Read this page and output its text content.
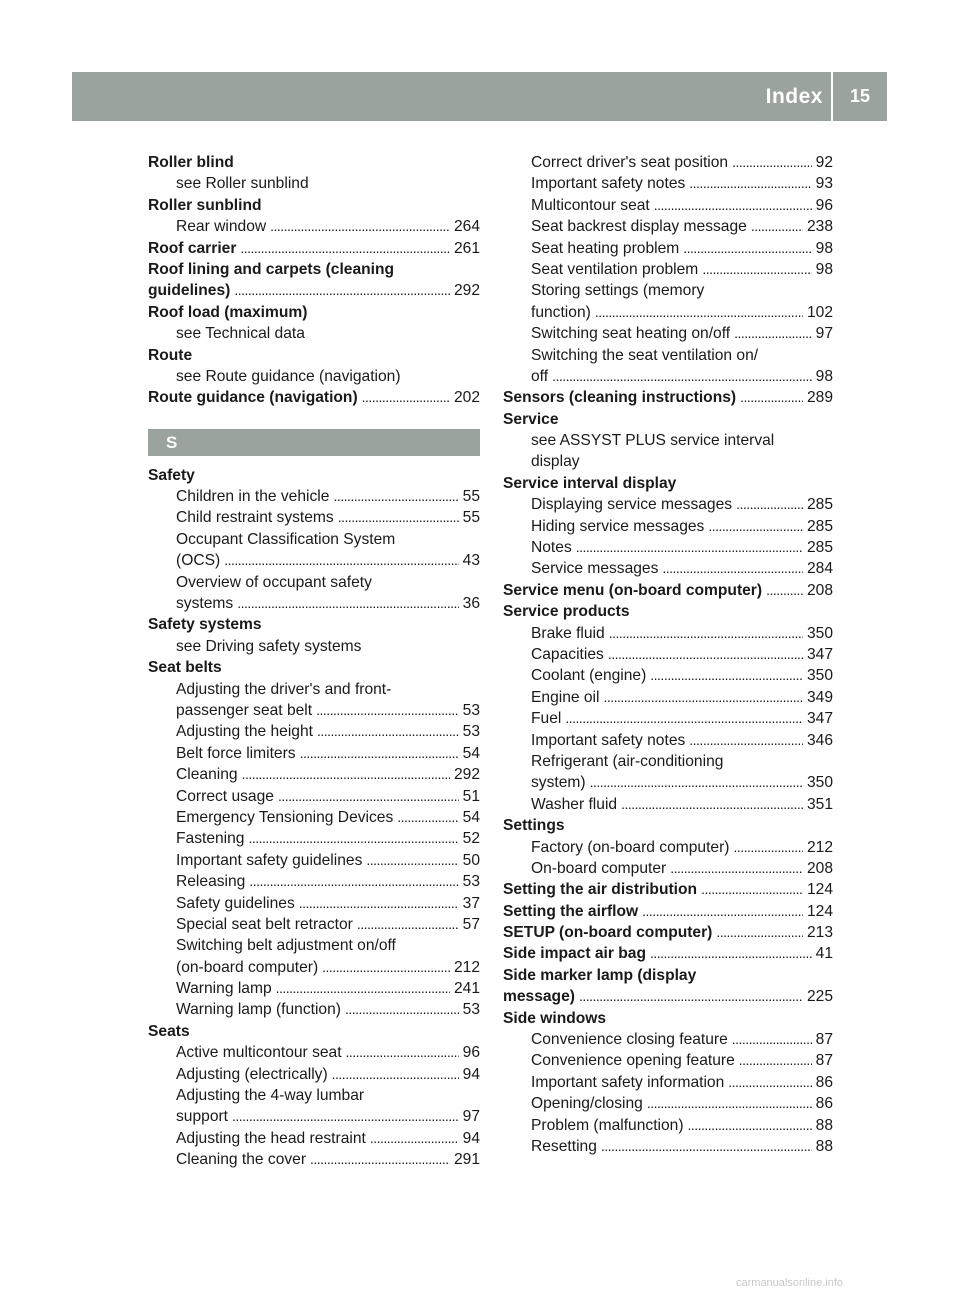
Index	15
Roller blind
see Roller sunblind
Roller sunblind
Rear window . . .	264
Roof carrier . . .	261
Roof lining and carpets (cleaning
guidelines) . . .	292
Roof load (maximum)
see Technical data
Route
see Route guidance (navigation)
Route guidance (navigation) . . .	202
S
Safety
Children in the vehicle . . .	55
Child restraint systems . . .	55
Occupant Classification System
(OCS) . . .	43
Overview of occupant safety
systems . . .	36
Safety systems
see Driving safety systems
Seat belts
Adjusting the driver's and front-
passenger seat belt . . .	53
Adjusting the height . . .	53
Belt force limiters . . .	54
Cleaning . . .	292
Correct usage . . .	51
Emergency Tensioning Devices . . .	54
Fastening . . .	52
Important safety guidelines . . .	50
Releasing . . .	53
Safety guidelines . . .	37
Special seat belt retractor . . .	57
Switching belt adjustment on/off
(on-board computer) . . .	212
Warning lamp . . .	241
Warning lamp (function) . . .	53
Seats
Active multicontour seat . . .	96
Adjusting (electrically) . . .	94
Adjusting the 4-way lumbar
support . . .	97
Adjusting the head restraint . . .	94
Cleaning the cover . . .	291
Correct driver's seat position . . .	92
Important safety notes . . .	93
Multicontour seat . . .	96
Seat backrest display message . . .	238
Seat heating problem . . .	98
Seat ventilation problem . . .	98
Storing settings (memory
function) . . .	102
Switching seat heating on/off . . .	97
Switching the seat ventilation on/
off . . .	98
Sensors (cleaning instructions) . . .	289
Service
see ASSYST PLUS service interval
display
Service interval display
Displaying service messages . . .	285
Hiding service messages . . .	285
Notes . . .	285
Service messages . . .	284
Service menu (on-board computer) . . .	208
Service products
Brake fluid . . .	350
Capacities . . .	347
Coolant (engine) . . .	350
Engine oil . . .	349
Fuel . . .	347
Important safety notes . . .	346
Refrigerant (air-conditioning
system) . . .	350
Washer fluid . . .	351
Settings
Factory (on-board computer) . . .	212
On-board computer . . .	208
Setting the air distribution . . .	124
Setting the airflow . . .	124
SETUP (on-board computer) . . .	213
Side impact air bag . . .	41
Side marker lamp (display
message) . . .	225
Side windows
Convenience closing feature . . .	87
Convenience opening feature . . .	87
Important safety information . . .	86
Opening/closing . . .	86
Problem (malfunction) . . .	88
Resetting . . .	88
carmanualsonline.info
